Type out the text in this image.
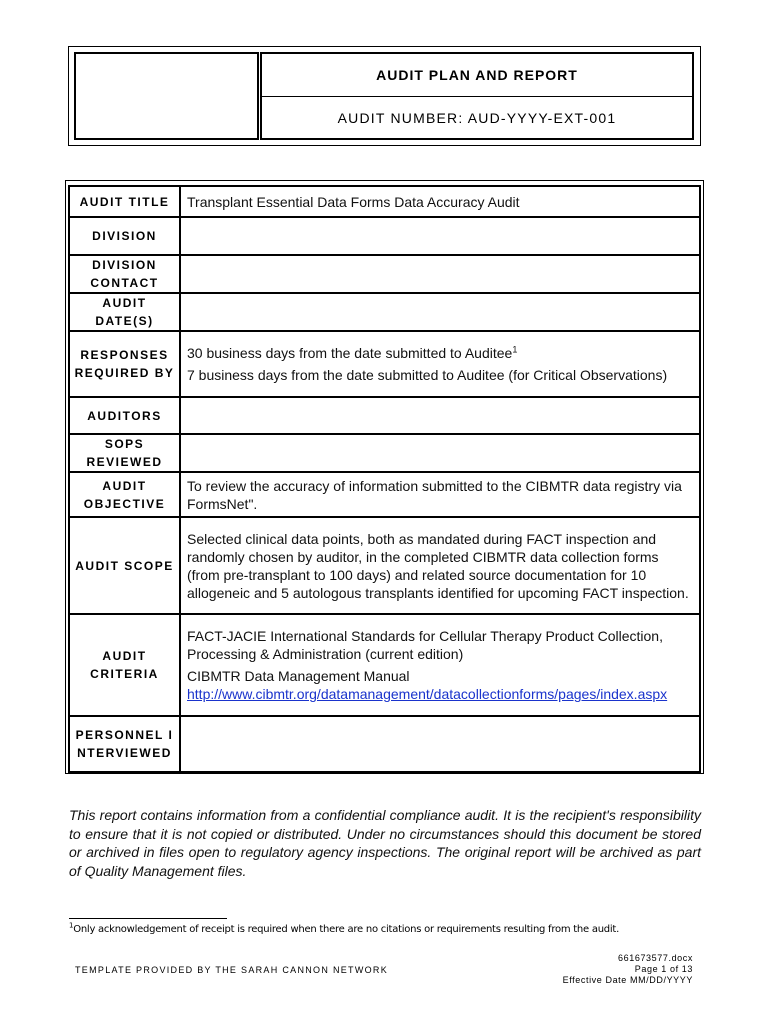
AUDIT PLAN AND REPORT
AUDIT NUMBER: AUD-YYYY-EXT-001
AUDIT TITLE	Transplant Essential Data Forms Data Accuracy Audit
DIVISION	
DIVISION CONTACT	
AUDIT DATE(S)	
RESPONSES REQUIRED BY	30 business days from the date submitted to Auditee$^1$

7 business days from the date submitted to Auditee (for Critical Observations)

AUDITORS	
SOPS REVIEWED	
AUDIT OBJECTIVE	To review the accuracy of information submitted to the CIBMTR data registry via FormsNet".
AUDIT SCOPE	Selected clinical data points, both as mandated during FACT inspection and randomly chosen by auditor, in the completed CIBMTR data collection forms (from pre-transplant to 100 days) and related source documentation for 10 allogeneic and 5 autologous transplants identified for upcoming FACT inspection.
AUDIT CRITERIA	FACT-JACIE International Standards for Cellular Therapy Product Collection, Processing & Administration (current edition)

CIBMTR Data Management Manual

http://www.cibmtr.org/datamanagement/datacollectionforms/pages/index.aspx

PERSONNEL INTERVIEWED	
This report contains information from a confidential compliance audit. It is the recipient's responsibility to ensure that it is not copied or distributed. Under no circumstances should this document be stored or archived in files open to regulatory agency inspections. The original report will be archived as part of Quality Management files.
$^1$Only acknowledgement of receipt is required when there are no citations or requirements resulting from the audit.
TEMPLATE PROVIDED BY THE SARAH CANNON NETWORK
661673577.docx
Page 1 of 13
Effective Date MM/DD/YYYY
